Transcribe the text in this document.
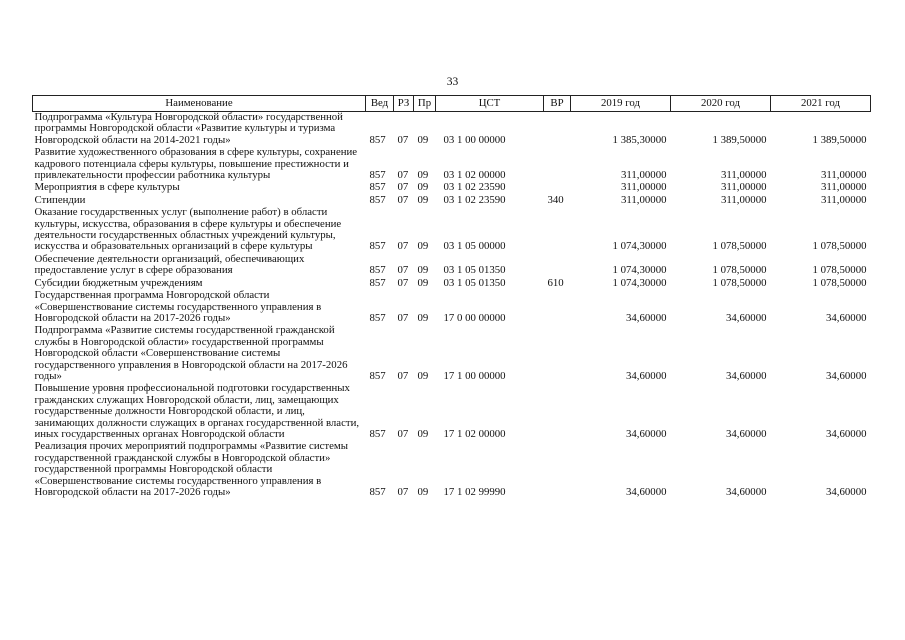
33
Наименование	Вед	РЗ	Пр	ЦСТ	ВР	2019 год	2020 год	2021 год
Подпрограмма «Культура Новгородской области» государственной программы Новгородской области «Развитие культуры и туризма Новгородской области на 2014-2021 годы»	857	07	09	03 1 00 00000		1 385,30000	1 389,50000	1 389,50000
Развитие художественного образования в сфере культуры, сохранение кадрового потенциала сферы культуры, повышение престижности и привлекательности профессии работника культуры	857	07	09	03 1 02 00000		311,00000	311,00000	311,00000
Мероприятия в сфере культуры	857	07	09	03 1 02 23590		311,00000	311,00000	311,00000
Стипендии	857	07	09	03 1 02 23590	340	311,00000	311,00000	311,00000
Оказание государственных услуг (выполнение работ) в области культуры, искусства, образования в сфере культуры и обеспечение деятельности государственных областных учреждений культуры, искусства и образовательных организаций в сфере культуры	857	07	09	03 1 05 00000		1 074,30000	1 078,50000	1 078,50000
Обеспечение деятельности организаций, обеспечивающих предоставление услуг в сфере образования	857	07	09	03 1 05 01350		1 074,30000	1 078,50000	1 078,50000
Субсидии бюджетным учреждениям	857	07	09	03 1 05 01350	610	1 074,30000	1 078,50000	1 078,50000
Государственная программа Новгородской области «Совершенствование системы государственного управления в Новгородской области на 2017-2026 годы»	857	07	09	17 0 00 00000		34,60000	34,60000	34,60000
Подпрограмма «Развитие системы государственной гражданской службы в Новгородской области» государственной программы Новгородской области «Совершенствование системы государственного управления в Новгородской области на 2017-2026 годы»	857	07	09	17 1 00 00000		34,60000	34,60000	34,60000
Повышение уровня профессиональной подготовки государственных гражданских служащих Новгородской области, лиц, замещающих государственные должности Новгородской области, и лиц, занимающих должности служащих в органах государственной власти, иных государственных органах Новгородской области	857	07	09	17 1 02 00000		34,60000	34,60000	34,60000
Реализация прочих мероприятий подпрограммы «Развитие системы государственной гражданской службы в Новгородской области» государственной программы Новгородской области «Совершенствование системы государственного управления в Новгородской области на 2017-2026 годы»	857	07	09	17 1 02 99990		34,60000	34,60000	34,60000
